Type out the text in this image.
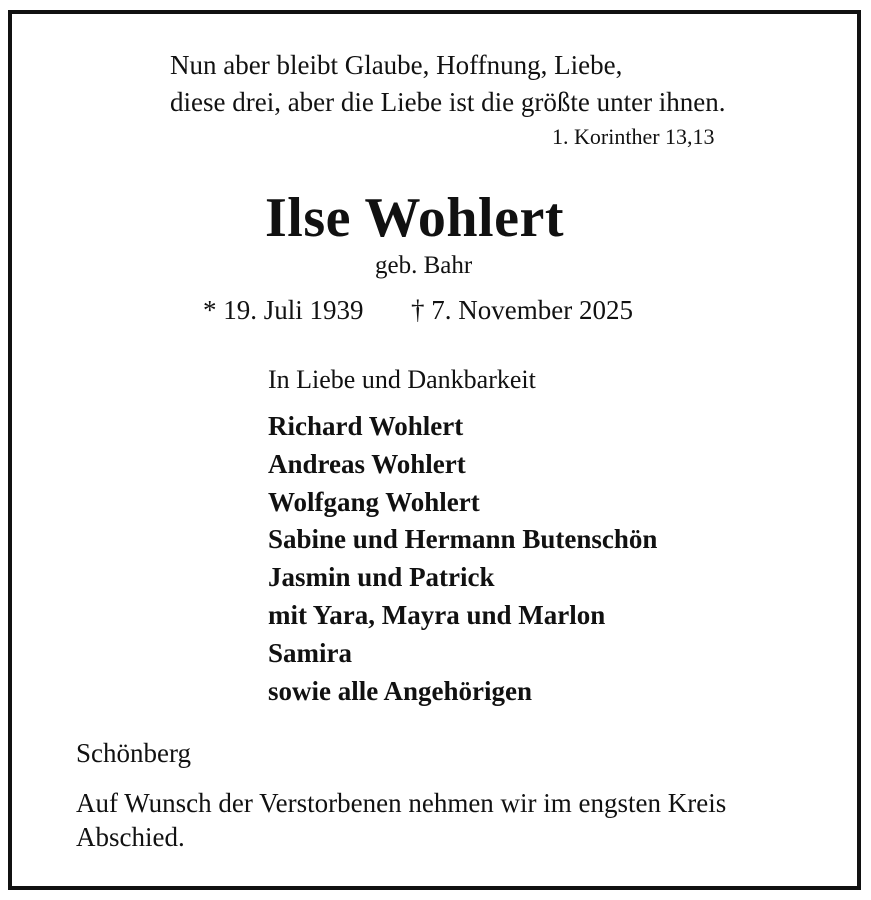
Nun aber bleibt Glaube, Hoffnung, Liebe,

diese drei, aber die Liebe ist die größte unter ihnen.

1. Korinther 13,13

Ilse Wohlert

geb. Bahr

* 19. Juli 1939 † 7. November 2025

In Liebe und Dankbarkeit

Richard Wohlert
Andreas Wohlert
Wolfgang Wohlert
Sabine und Hermann Butenschön
Jasmin und Patrick
mit Yara, Mayra und Marlon
Samira
sowie alle Angehörigen

Schönberg

Auf Wunsch der Verstorbenen nehmen wir im engsten Kreis Abschied.
